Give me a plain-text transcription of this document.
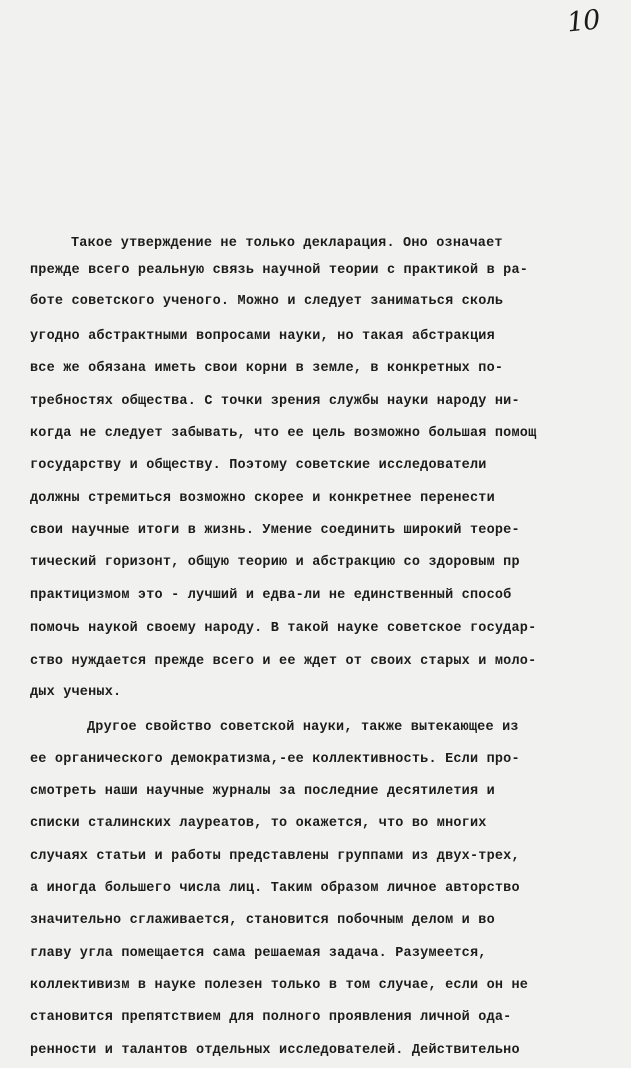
10
Такое утверждение не только декларация. Оно означает
прежде всего реальную связь научной теории с практикой в ра-
боте советского ученого. Можно и следует заниматься сколь
угодно абстрактными вопросами науки, но такая абстракция
все же обязана иметь свои корни в земле, в конкретных по-
требностях общества. С точки зрения службы науки народу ни-
когда не следует забывать, что ее цель возможно большая помощ
государству и обществу. Поэтому советские исследователи
должны стремиться возможно скорее и конкретнее перенести
свои научные итоги в жизнь. Умение соединить широкий теоре-
тический горизонт, общую теорию и абстракцию со здоровым пр
практицизмом это - лучший и едва-ли не единственный способ
помочь наукой своему народу. В такой науке советское государ-
ство нуждается прежде всего и ее ждет от своих старых и моло-
дых ученых.
Другое свойство советской науки, также вытекающее из
ее органического демократизма,-ее коллективность. Если про-
смотреть наши научные журналы за последние десятилетия и
списки сталинских лауреатов, то окажется, что во многих
случаях статьи и работы представлены группами из двух-трех,
а иногда большего числа лиц. Таким образом личное авторство
значительно сглаживается, становится побочным делом и во
главу угла помещается сама решаемая задача. Разумеется,
коллективизм в науке полезен только в том случае, если он не
становится препятствием для полного проявления личной ода-
ренности и талантов отдельных исследователей. Действительно
